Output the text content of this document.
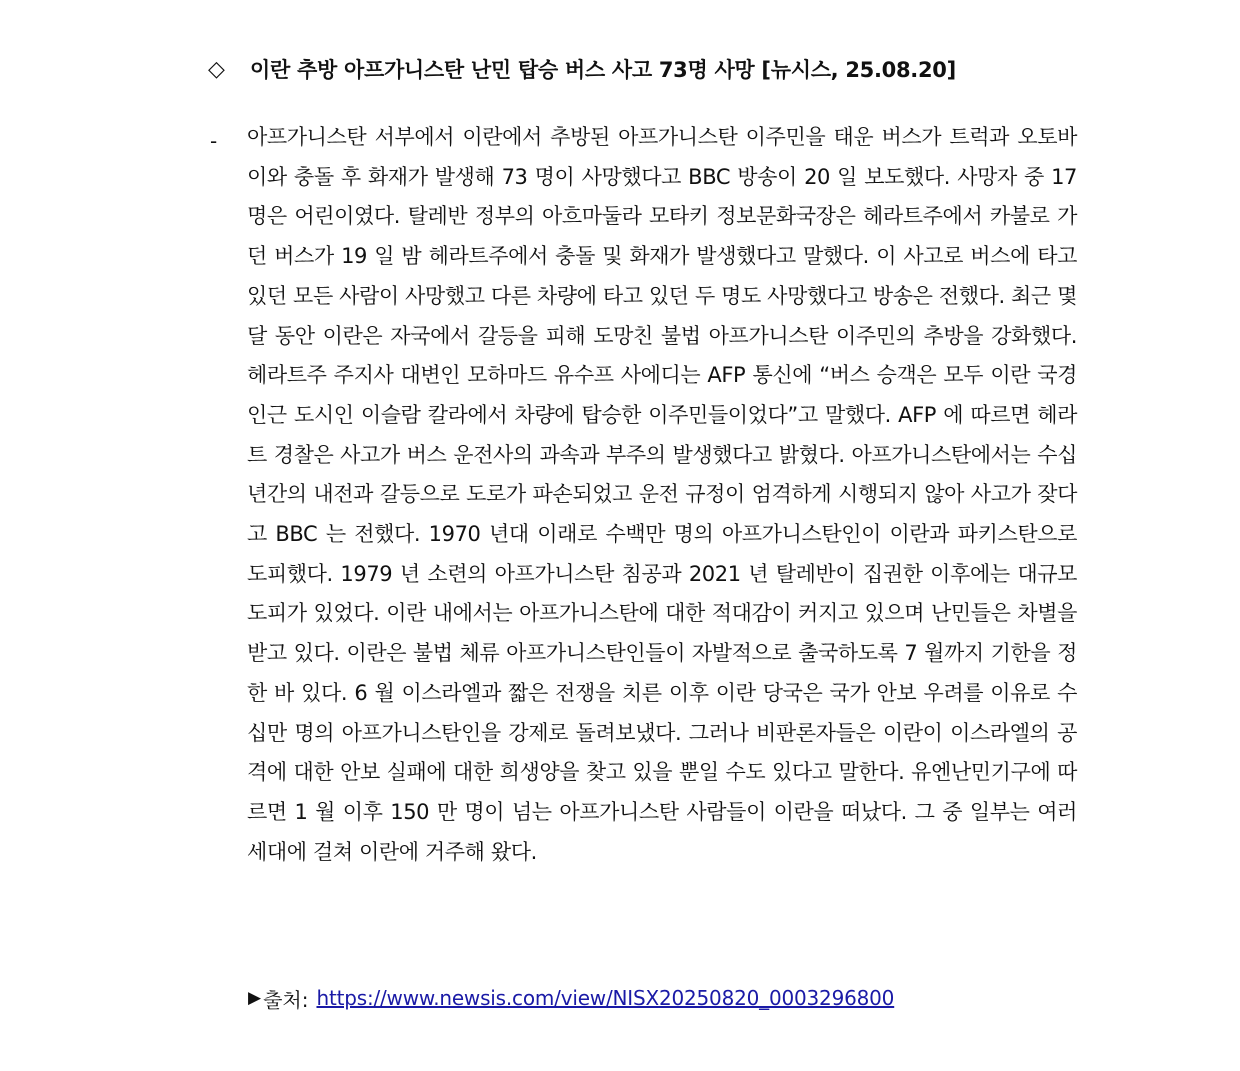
◇	이란 추방 아프가니스탄 난민 탑승 버스 사고 73명 사망 [뉴시스, 25.08.20]
- 아프가니스탄 서부에서 이란에서 추방된 아프가니스탄 이주민을 태운 버스가 트럭과 오토바이와 충돌 후 화재가 발생해 73 명이 사망했다고 BBC 방송이 20 일 보도했다. 사망자 중 17 명은 어린이였다. 탈레반 정부의 아흐마둘라 모타키 정보문화국장은 헤라트주에서 카불로 가던 버스가 19 일 밤 헤라트주에서 충돌 및 화재가 발생했다고 말했다. 이 사고로 버스에 타고 있던 모든 사람이 사망했고 다른 차량에 타고 있던 두 명도 사망했다고 방송은 전했다. 최근 몇 달 동안 이란은 자국에서 갈등을 피해 도망친 불법 아프가니스탄 이주민의 추방을 강화했다. 헤라트주 주지사 대변인 모하마드 유수프 사에디는 AFP 통신에 “버스 승객은 모두 이란 국경인근 도시인 이슬람 칼라에서 차량에 탑승한 이주민들이었다”고 말했다. AFP 에 따르면 헤라트 경찰은 사고가 버스 운전사의 과속과 부주의 발생했다고 밝혔다. 아프가니스탄에서는 수십 년간의 내전과 갈등으로 도로가 파손되었고 운전 규정이 엄격하게 시행되지 않아 사고가 잦다고 BBC 는 전했다. 1970 년대 이래로 수백만 명의 아프가니스탄인이 이란과 파키스탄으로 도피했다. 1979 년 소련의 아프가니스탄 침공과 2021 년 탈레반이 집권한 이후에는 대규모 도피가 있었다. 이란 내에서는 아프가니스탄에 대한 적대감이 커지고 있으며 난민들은 차별을 받고 있다. 이란은 불법 체류 아프가니스탄인들이 자발적으로 출국하도록 7 월까지 기한을 정한 바 있다. 6 월 이스라엘과 짧은 전쟁을 치른 이후 이란 당국은 국가 안보 우려를 이유로 수십만 명의 아프가니스탄인을 강제로 돌려보냈다. 그러나 비판론자들은 이란이 이스라엘의 공격에 대한 안보 실패에 대한 희생양을 찾고 있을 뿐일 수도 있다고 말한다. 유엔난민기구에 따르면 1 월 이후 150 만 명이 넘는 아프가니스탄 사람들이 이란을 떠났다. 그 중 일부는 여러 세대에 걸쳐 이란에 거주해 왔다.

▶ 출처: https://www.newsis.com/view/NISX20250820_0003296800
